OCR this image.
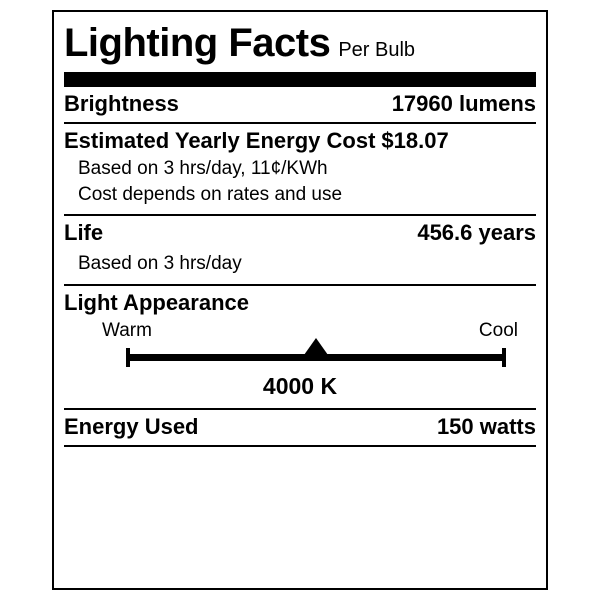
Lighting Facts Per Bulb
Brightness	17960 lumens
Estimated Yearly Energy Cost $18.07
Based on 3 hrs/day, 11¢/KWh
Cost depends on rates and use
Life	456.6 years
Based on 3 hrs/day
Light Appearance
Warm	Cool
4000 K
Energy Used	150 watts
